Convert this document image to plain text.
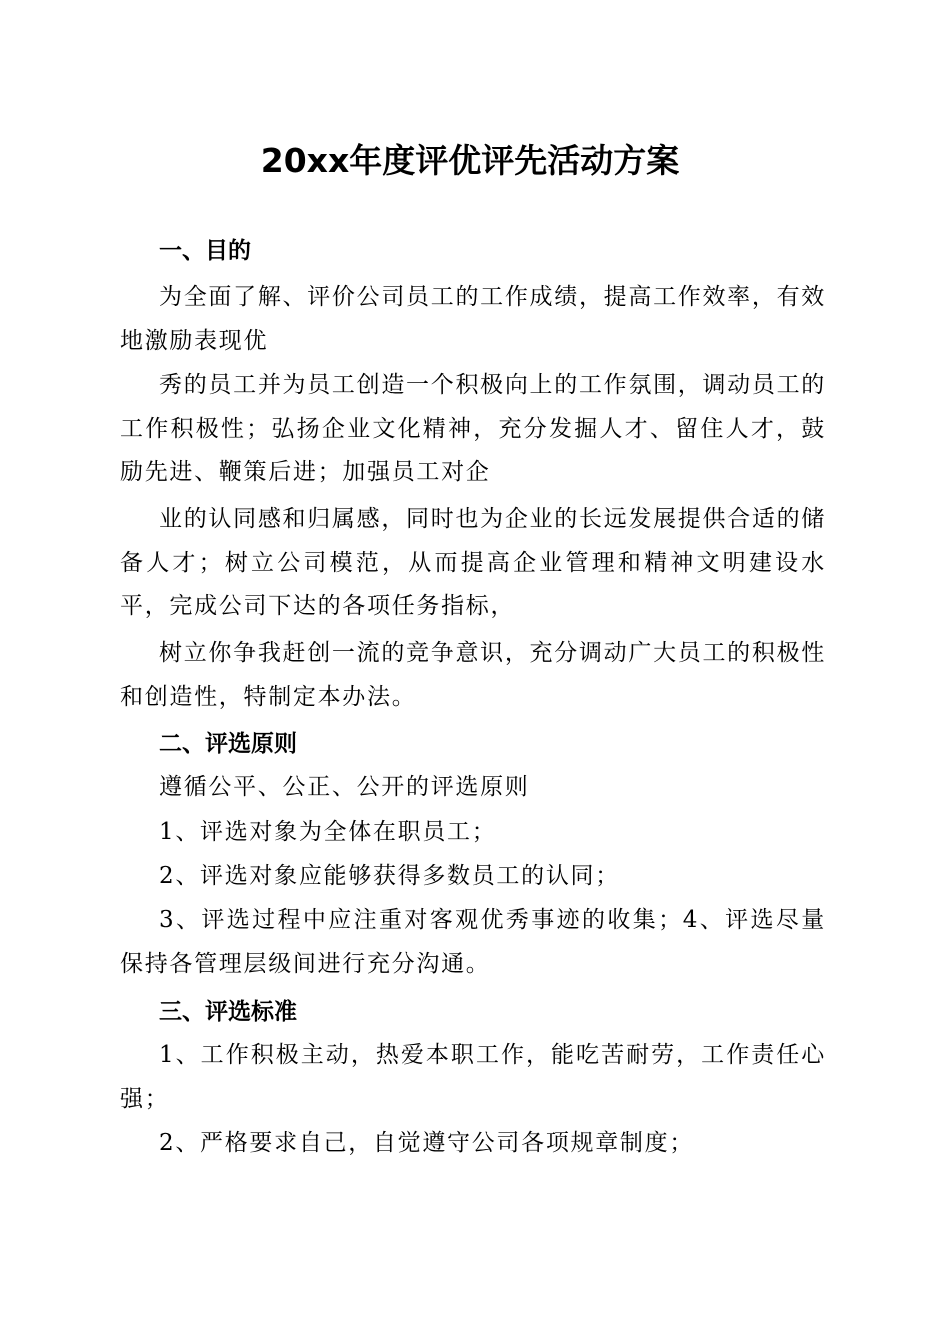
20xx年度评优评先活动方案
一、目的
为全面了解、评价公司员工的工作成绩，提高工作效率，有效地激励表现优
秀的员工并为员工创造一个积极向上的工作氛围，调动员工的工作积极性；弘扬企业文化精神，充分发掘人才、留住人才，鼓励先进、鞭策后进；加强员工对企
业的认同感和归属感，同时也为企业的长远发展提供合适的储备人才；树立公司模范，从而提高企业管理和精神文明建设水平，完成公司下达的各项任务指标，
树立你争我赶创一流的竞争意识，充分调动广大员工的积极性和创造性，特制定本办法。
二、评选原则
遵循公平、公正、公开的评选原则
1、评选对象为全体在职员工；
2、评选对象应能够获得多数员工的认同；
3、评选过程中应注重对客观优秀事迹的收集；4、评选尽量保持各管理层级间进行充分沟通。
三、评选标准
1、工作积极主动，热爱本职工作，能吃苦耐劳，工作责任心强；
2、严格要求自己，自觉遵守公司各项规章制度；
